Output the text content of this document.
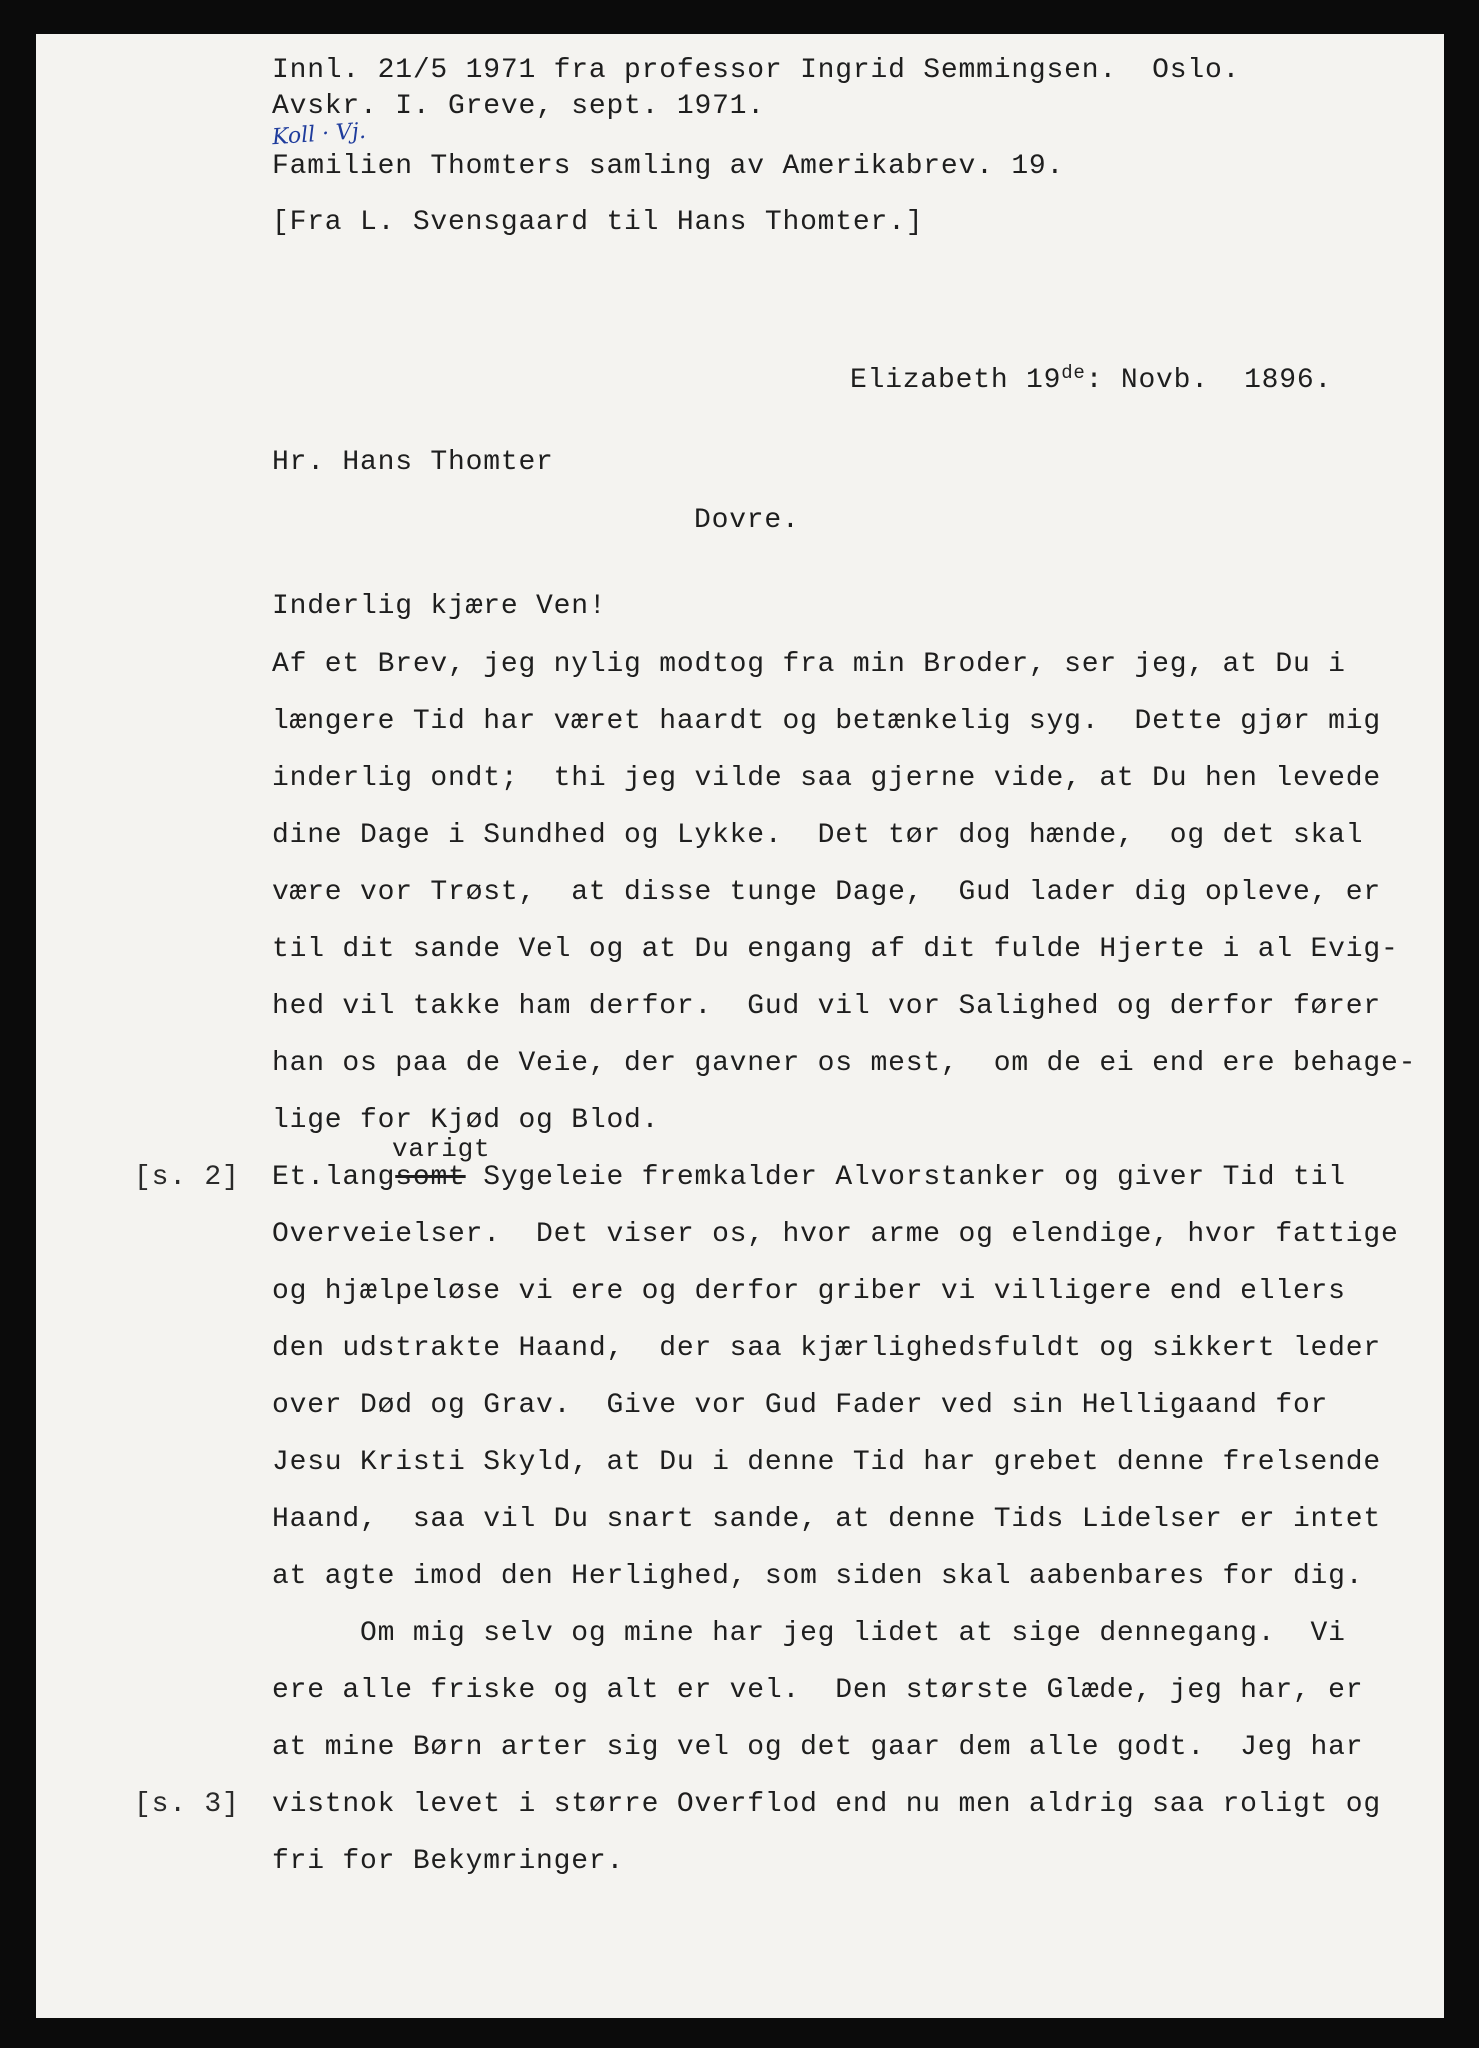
Innl. 21/5 1971 fra professor Ingrid Semmingsen.  Oslo.
Avskr. I. Greve, sept. 1971.
Koll · Vj.
Familien Thomters samling av Amerikabrev. 19.
[Fra L. Svensgaard til Hans Thomter.]
Elizabeth 19de: Novb.  1896.
Hr. Hans Thomter
Dovre.
Inderlig kjære Ven!
Af et Brev, jeg nylig modtog fra min Broder, ser jeg, at Du i
længere Tid har været haardt og betænkelig syg.  Dette gjør mig
inderlig ondt;  thi jeg vilde saa gjerne vide, at Du hen levede
dine Dage i Sundhed og Lykke.  Det tør dog hænde,  og det skal
være vor Trøst,  at disse tunge Dage,  Gud lader dig opleve, er
til dit sande Vel og at Du engang af dit fulde Hjerte i al Evig-
hed vil takke ham derfor.  Gud vil vor Salighed og derfor fører
han os paa de Veie, der gavner os mest,  om de ei end ere behage-
lige for Kjød og Blod.
varigt
[s. 2] Et.langsomt Sygeleie fremkalder Alvorstanker og giver Tid til
Overveielser.  Det viser os, hvor arme og elendige, hvor fattige
og hjælpeløse vi ere og derfor griber vi villigere end ellers
den udstrakte Haand,  der saa kjærlighedsfuldt og sikkert leder
over Død og Grav.  Give vor Gud Fader ved sin Helligaand for
Jesu Kristi Skyld, at Du i denne Tid har grebet denne frelsende
Haand,  saa vil Du snart sande, at denne Tids Lidelser er intet
at agte imod den Herlighed, som siden skal aabenbares for dig.
Om mig selv og mine har jeg lidet at sige dennegang.  Vi
ere alle friske og alt er vel.  Den største Glæde, jeg har, er
at mine Børn arter sig vel og det gaar dem alle godt.  Jeg har
[s. 3] vistnok levet i større Overflod end nu men aldrig saa roligt og
fri for Bekymringer.
